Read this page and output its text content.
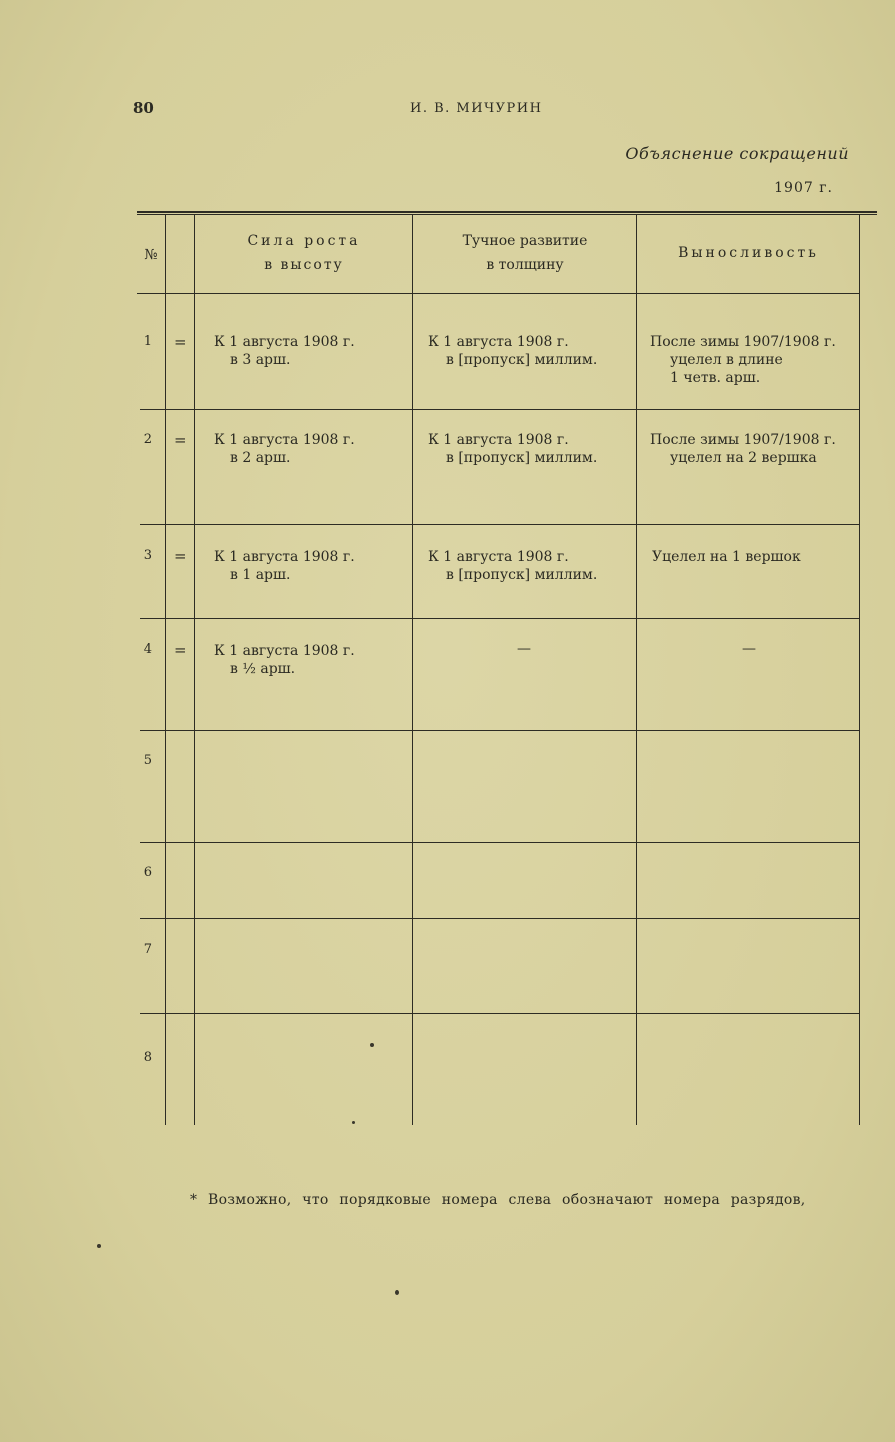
80	И. В. МИЧУРИН
Объяснение сокращений
1907 г.
№
Сила роста
в высоту
Тучное развитие
в толщину
Выносливость
1 = К 1 августа 1908 г.
в 3 арш.
К 1 августа 1908 г.
в [пропуск] миллим.
После зимы 1907/1908 г.
уцелел в длине
1 четв. арш.
2 = К 1 августа 1908 г.
в 2 арш.
К 1 августа 1908 г.
в [пропуск] миллим.
После зимы 1907/1908 г.
уцелел на 2 вершка
3 = К 1 августа 1908 г.
в 1 арш.
К 1 августа 1908 г.
в [пропуск] миллим.
Уцелел на 1 вершок
4 = К 1 августа 1908 г.
в ½ арш.
—	—
5
6
7
8
* Возможно, что порядковые номера слева обозначают номера разрядов,
